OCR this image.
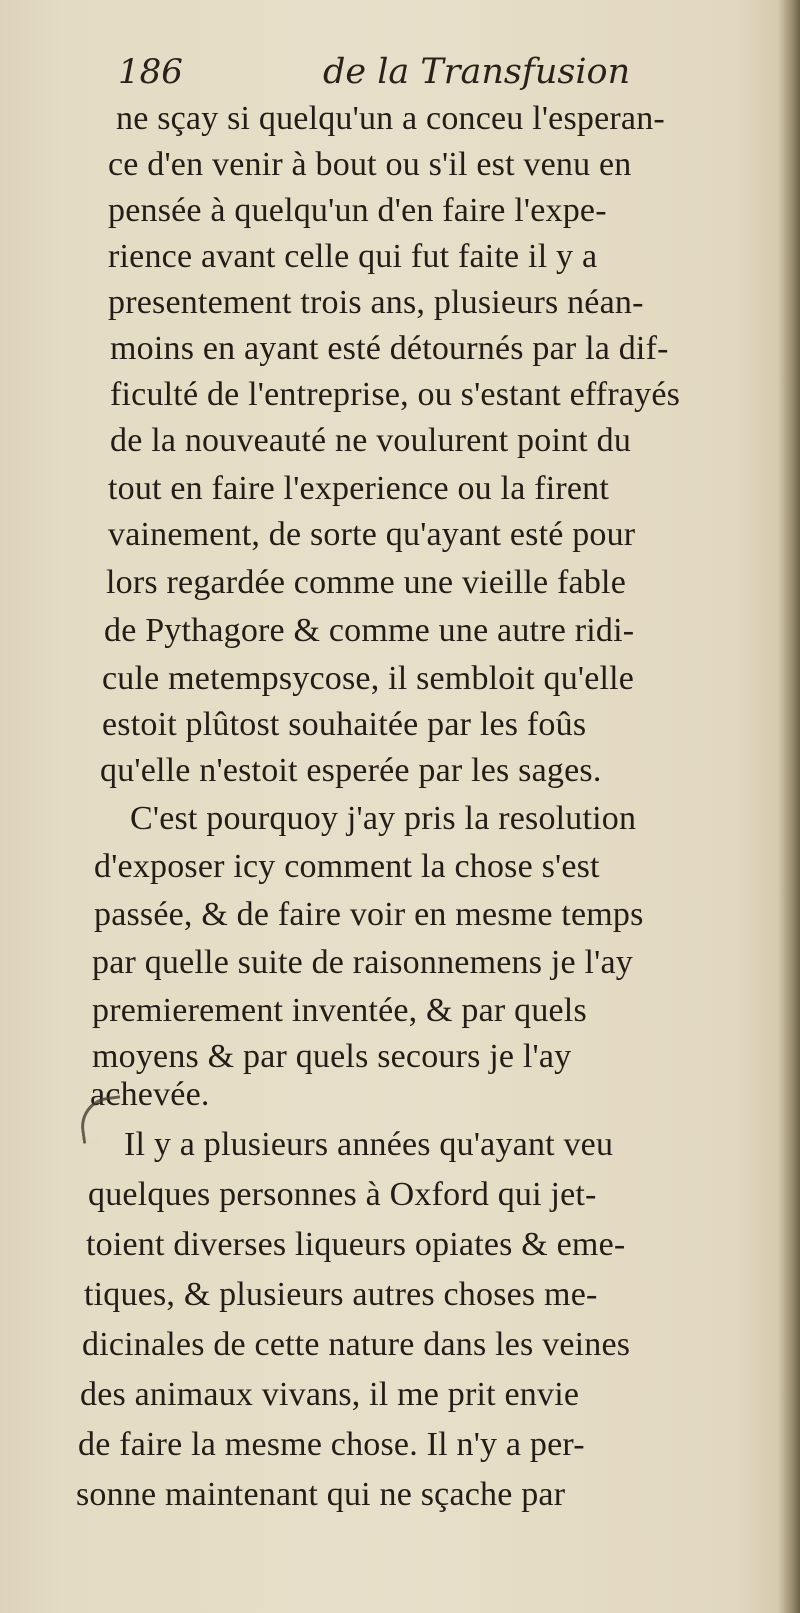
186	de la Transfusion
ne sçay si quelqu'un a conceu l'esperan-
ce d'en venir à bout ou s'il est venu en
pensée à quelqu'un d'en faire l'expe-
rience avant celle qui fut faite il y a
presentement trois ans, plusieurs néan-
moins en ayant esté détournés par la dif-
ficulté de l'entreprise, ou s'estant effrayés
de la nouveauté ne voulurent point du
tout en faire l'experience ou la firent
vainement, de sorte qu'ayant esté pour
lors regardée comme une vieille fable
de Pythagore & comme une autre ridi-
cule metempsycose, il sembloit qu'elle
estoit plûtost souhaitée par les foûs
qu'elle n'estoit esperée par les sages.
C'est pourquoy j'ay pris la resolution
d'exposer icy comment la chose s'est
passée, & de faire voir en mesme temps
par quelle suite de raisonnemens je l'ay
premierement inventée, & par quels
moyens & par quels secours je l'ay
achevée.
Il y a plusieurs années qu'ayant veu
quelques personnes à Oxford qui jet-
toient diverses liqueurs opiates & eme-
tiques, & plusieurs autres choses me-
dicinales de cette nature dans les veines
des animaux vivans, il me prit envie
de faire la mesme chose. Il n'y a per-
sonne maintenant qui ne sçache par
